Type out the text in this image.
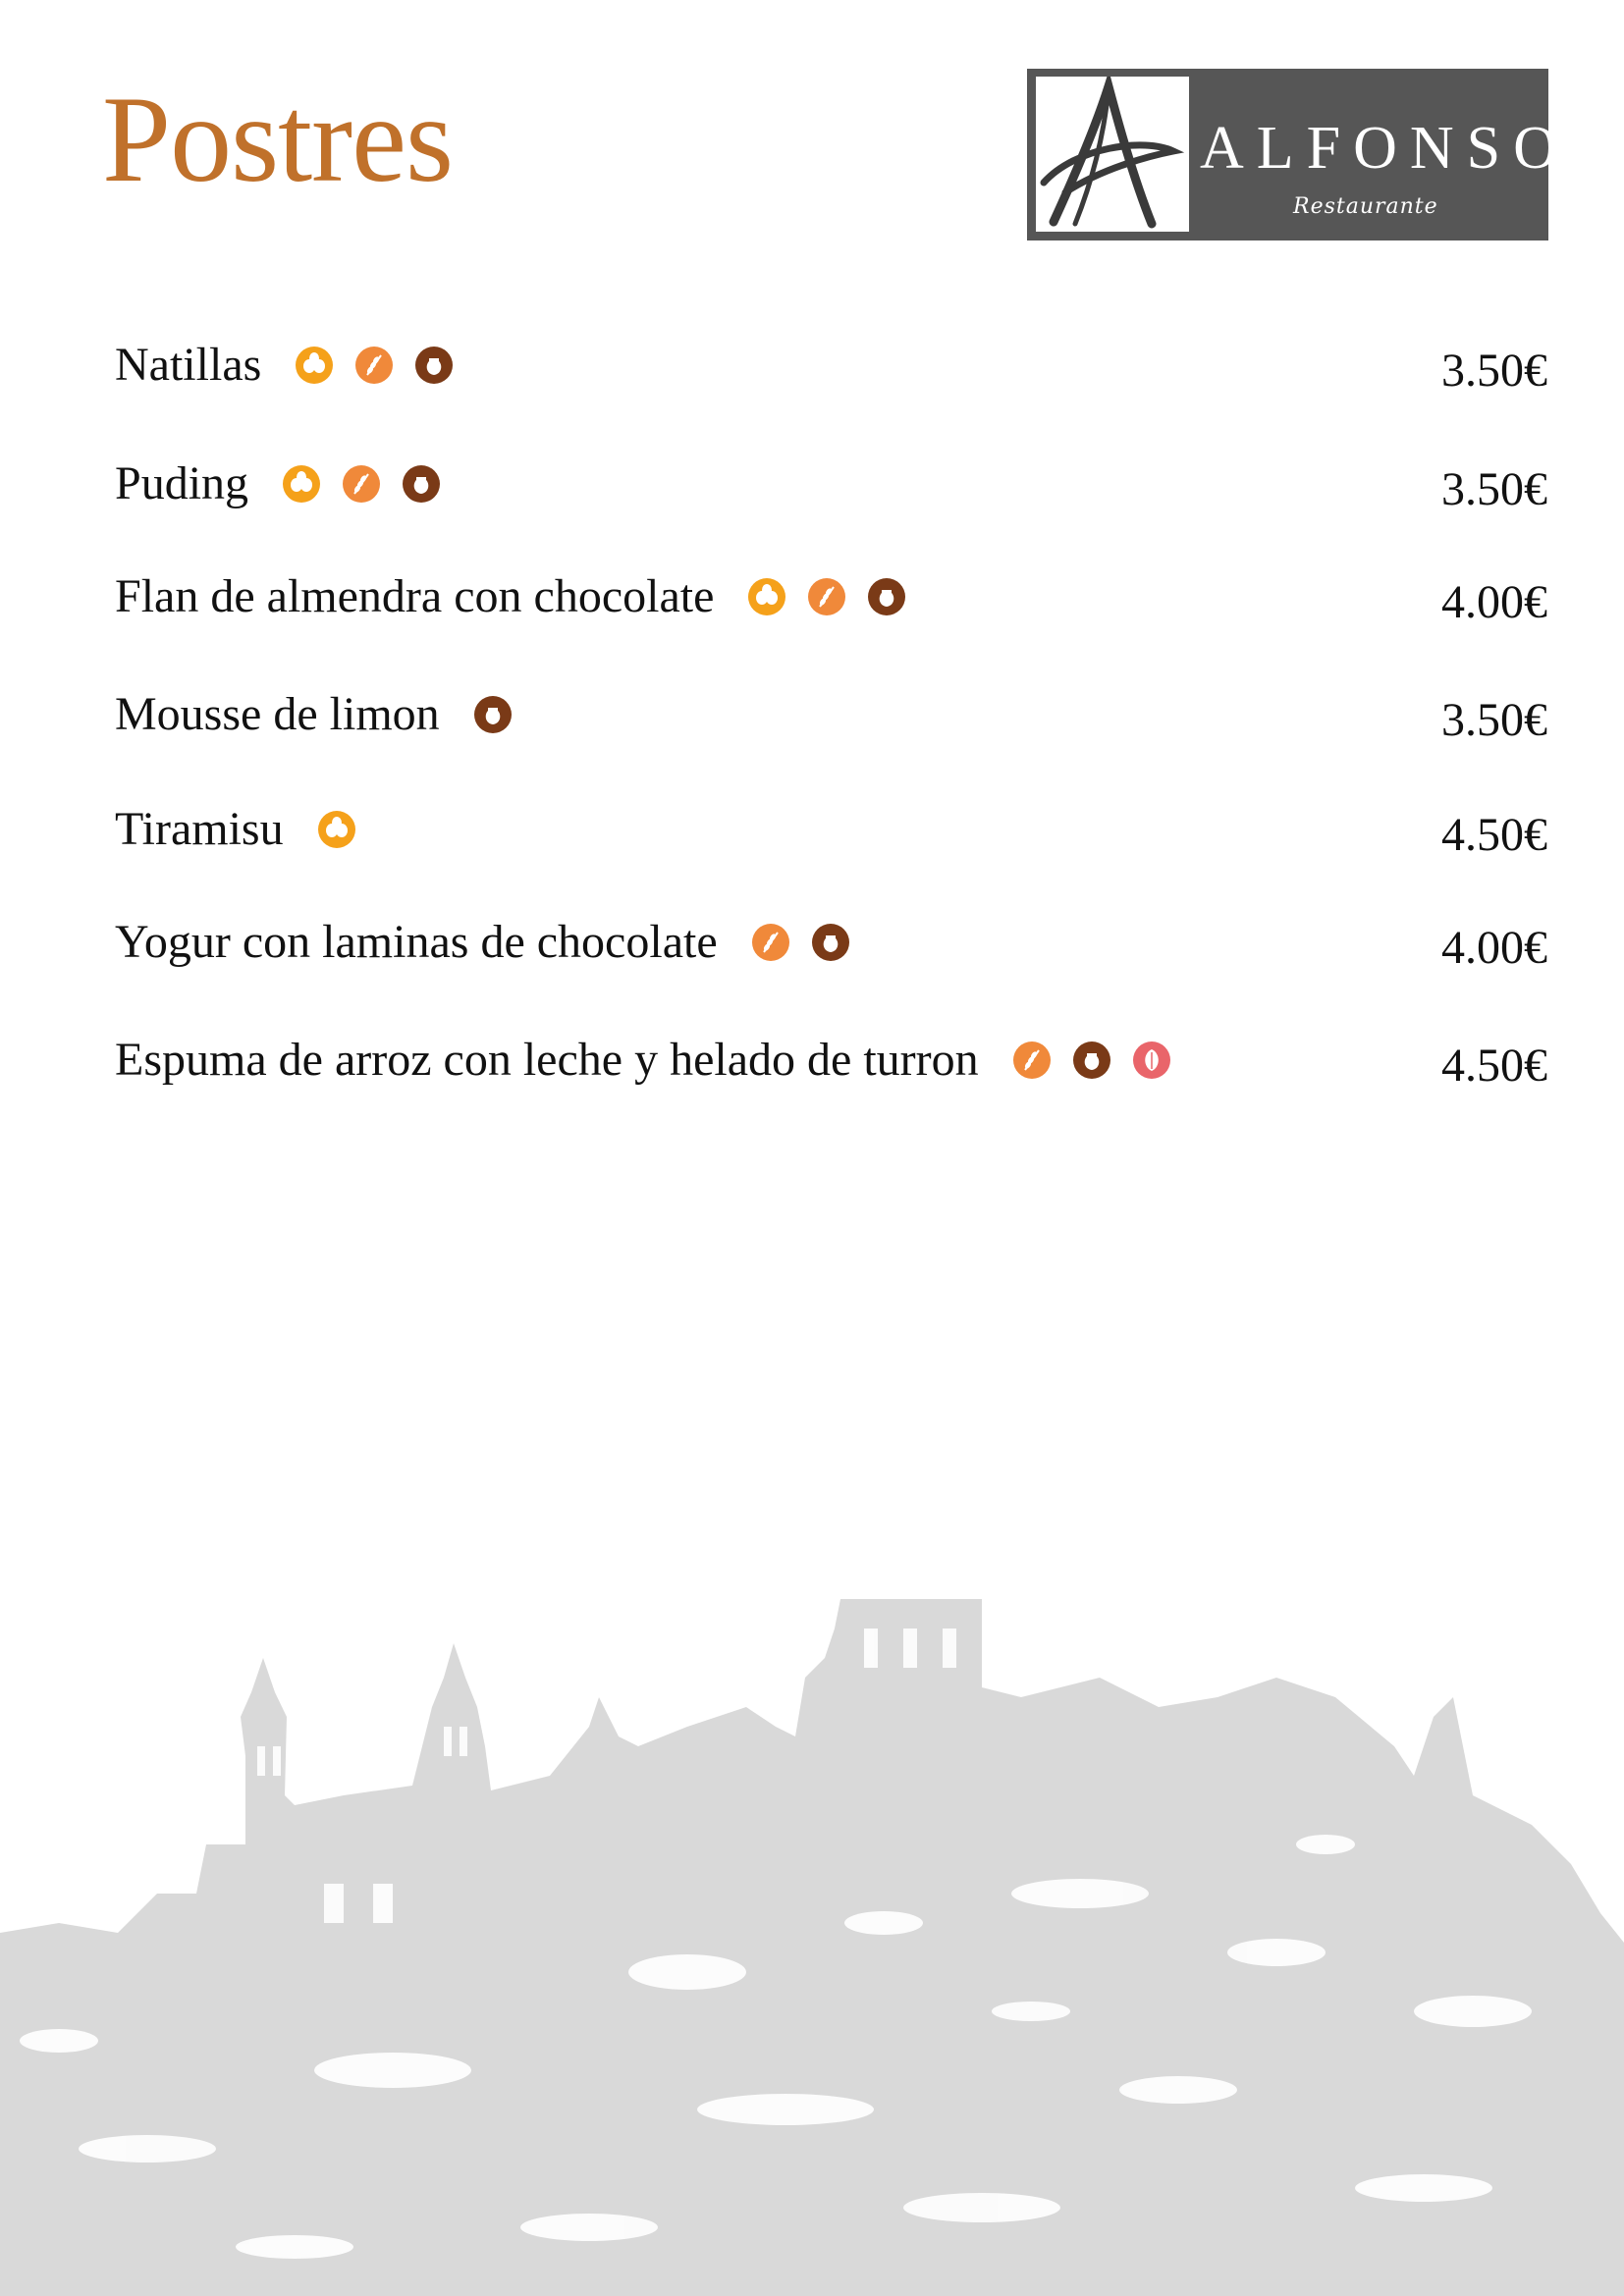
Postres	ALFONSO
Restaurante
Natillas	3.50€
Puding	3.50€
Flan de almendra con chocolate	4.00€
Mousse de limon	3.50€
Tiramisu	4.50€
Yogur con laminas de chocolate	4.00€
Espuma de arroz con leche y helado de turron	4.50€
